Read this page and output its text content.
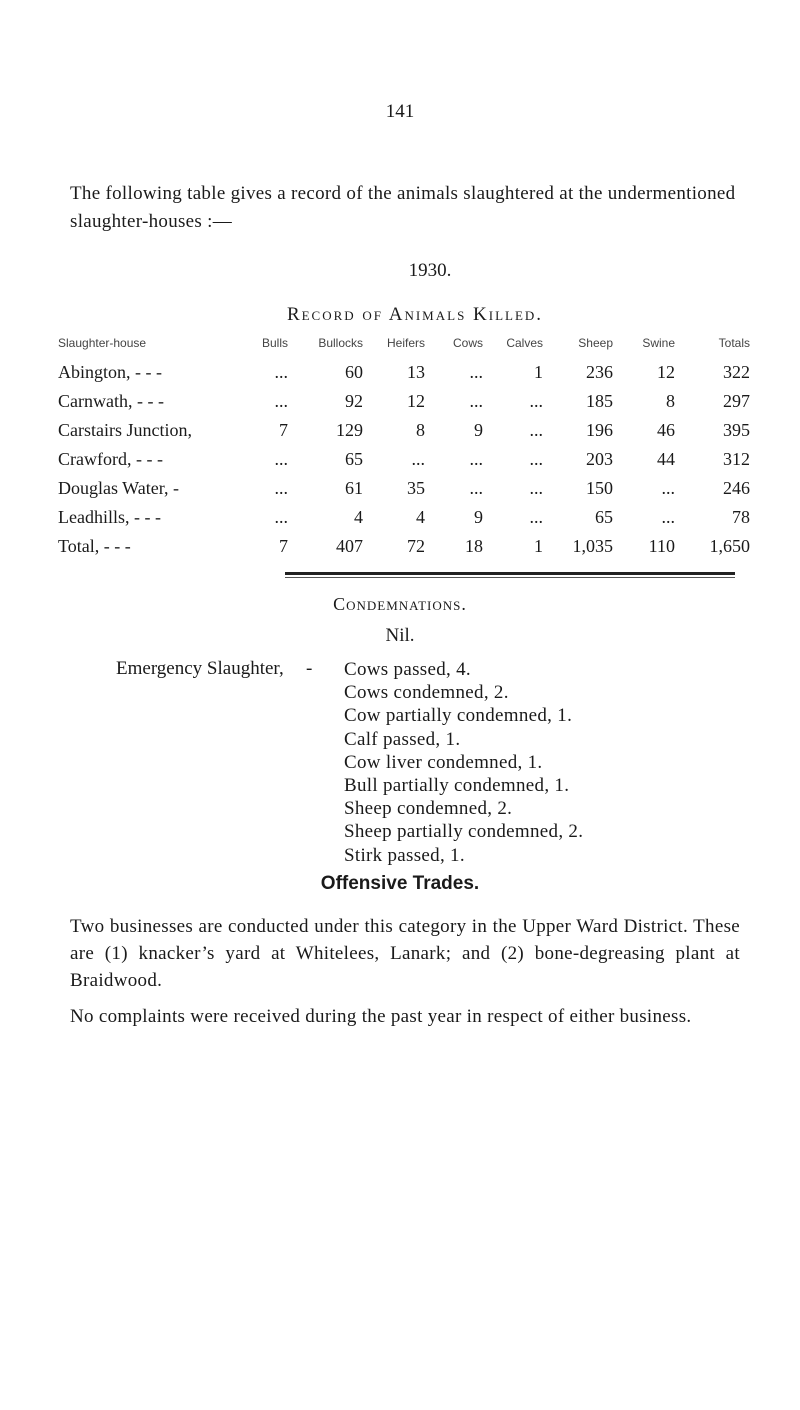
141
The following table gives a record of the animals slaughtered at the undermentioned slaughter-houses :—
1930.
Record of Animals Killed.
Slaughter-house	Bulls	Bullocks	Heifers	Cows	Calves	Sheep	Swine	Totals
Abington, - - -	...	60	13	...	1	236	12	322
Carnwath, - - -	...	92	12	...	...	185	8	297
Carstairs Junction,	7	129	8	9	...	196	46	395
Crawford, - - -	...	65	...	...	...	203	44	312
Douglas Water, -	...	61	35	...	...	150	...	246
Leadhills, - - -	...	4	4	9	...	65	...	78
Total, - - -	7	407	72	18	1	1,035	110	1,650
Condemnations.
Nil.
Emergency Slaughter, - Cows passed, 4.
Cows condemned, 2.
Cow partially condemned, 1.
Calf passed, 1.
Cow liver condemned, 1.
Bull partially condemned, 1.
Sheep condemned, 2.
Sheep partially condemned, 2.
Stirk passed, 1.
Offensive Trades.

Two businesses are conducted under this category in the Upper Ward District. These are (1) knacker’s yard at Whitelees, Lanark; and (2) bone-degreasing plant at Braidwood.

No complaints were received during the past year in respect of either business.
